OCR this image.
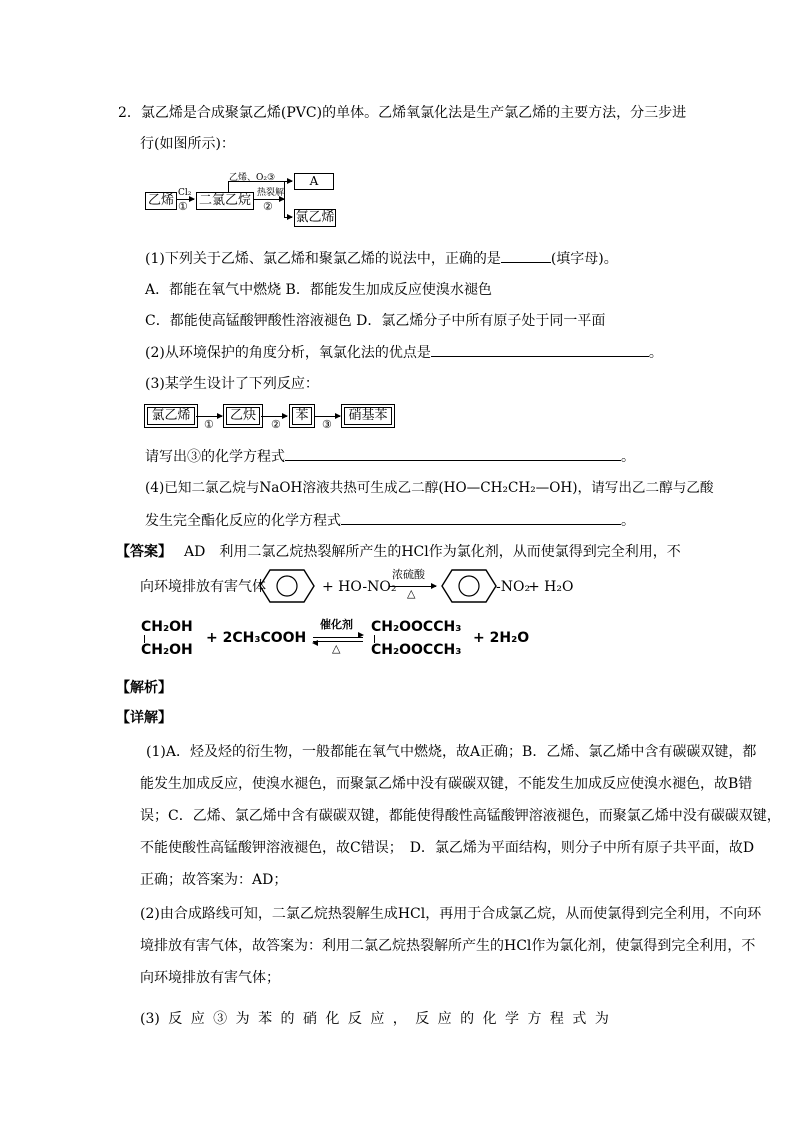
2．氯乙烯是合成聚氯乙烯(PVC)的单体。乙烯氧氯化法是生产氯乙烯的主要方法，分三步进
行(如图所示)：
乙烯 Cl₂
① 二氯乙烷
乙烯、O₂③
热裂解
②
A
氯乙烯
(1)下列关于乙烯、氯乙烯和聚氯乙烯的说法中，正确的是	(填字母)。
A．都能在氧气中燃烧 B．都能发生加成反应使溴水褪色
C．都能使高锰酸钾酸性溶液褪色 D．氯乙烯分子中所有原子处于同一平面
(2)从环境保护的角度分析，氧氯化法的优点是	。
(3)某学生设计了下列反应：
氯乙烯
①
乙炔
②
苯
③
硝基苯
请写出③的化学方程式	。
(4)已知二氯乙烷与NaOH溶液共热可生成乙二醇(HO—CH₂CH₂—OH)，请写出乙二醇与乙酸
发生完全酯化反应的化学方程式	。
【答案】 AD　利用二氯乙烷热裂解所产生的HCl作为氯化剂，从而使氯得到完全利用，不
向环境排放有害气体	+ HO-NO₂
浓硫酸
△	-NO₂
+ H₂O
CH₂OH
CH₂OH
+ 2CH₃COOH
催化剂
△
CH₂OOCCH₃
CH₂OOCCH₃
+ 2H₂O
【解析】
【详解】
(1)A．烃及烃的衍生物，一般都能在氧气中燃烧，故A正确；B．乙烯、氯乙烯中含有碳碳双键，都
能发生加成反应，使溴水褪色，而聚氯乙烯中没有碳碳双键，不能发生加成反应使溴水褪色，故B错
误；C．乙烯、氯乙烯中含有碳碳双键，都能使得酸性高锰酸钾溶液褪色，而聚氯乙烯中没有碳碳双键，
不能使酸性高锰酸钾溶液褪色，故C错误；　D．氯乙烯为平面结构，则分子中所有原子共平面，故D
正确；故答案为：AD；
(2)由合成路线可知，二氯乙烷热裂解生成HCl，再用于合成氯乙烷，从而使氯得到完全利用，不向环
境排放有害气体，故答案为：利用二氯乙烷热裂解所产生的HCl作为氯化剂，使氯得到完全利用，不
向环境排放有害气体；
(3) 反 应 ③ 为 苯 的 硝 化 反 应 ， 反 应 的 化 学 方 程 式 为
